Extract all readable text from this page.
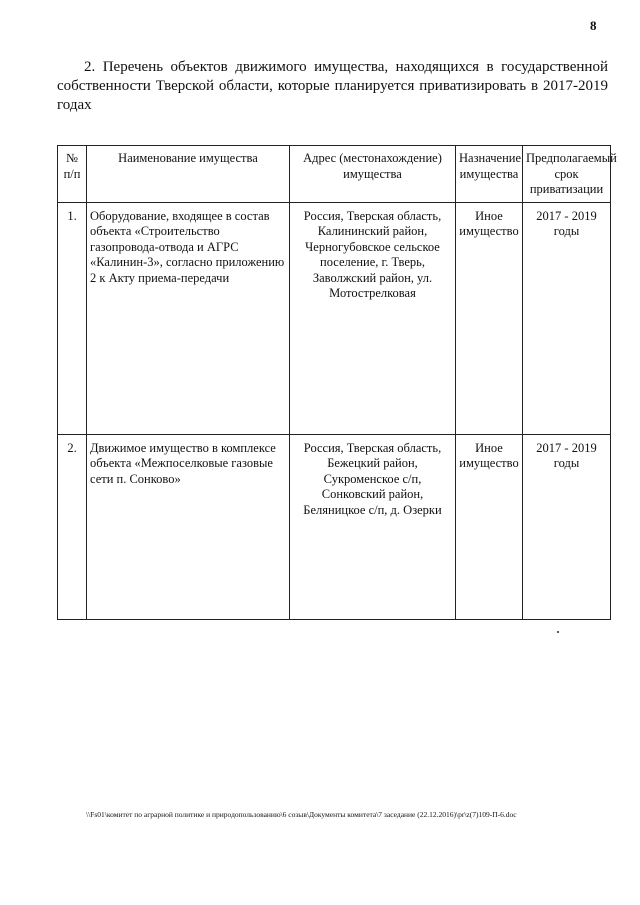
8
2. Перечень объектов движимого имущества, находящихся в государственной собственности Тверской области, которые планируется приватизировать в 2017-2019 годах
№ п/п	Наименование имущества	Адрес (местонахождение) имущества	Назначение имущества	Предполагаемый срок приватизации
1.	Оборудование, входящее в состав объекта «Строительство газопровода-отвода и АГРС «Калинин-3», согласно приложению 2 к Акту приема-передачи	Россия, Тверская область, Калининский район, Черногубовское сельское поселение, г. Тверь, Заволжский район, ул. Мотострелковая	Иное имущество	2017 - 2019 годы
2.	Движимое имущество в комплексе объекта «Межпоселковые газовые сети п. Сонково»	Россия, Тверская область, Бежецкий район, Сукроменское с/п, Сонковский район, Беляницкое с/п, д. Озерки	Иное имущество	2017 - 2019 годы
\\Fs01\комитет по аграрной политике и природопользованию\6 созыв\Документы комитета\7 заседание (22.12.2016)\pr\z(7)109-П-6.doc
